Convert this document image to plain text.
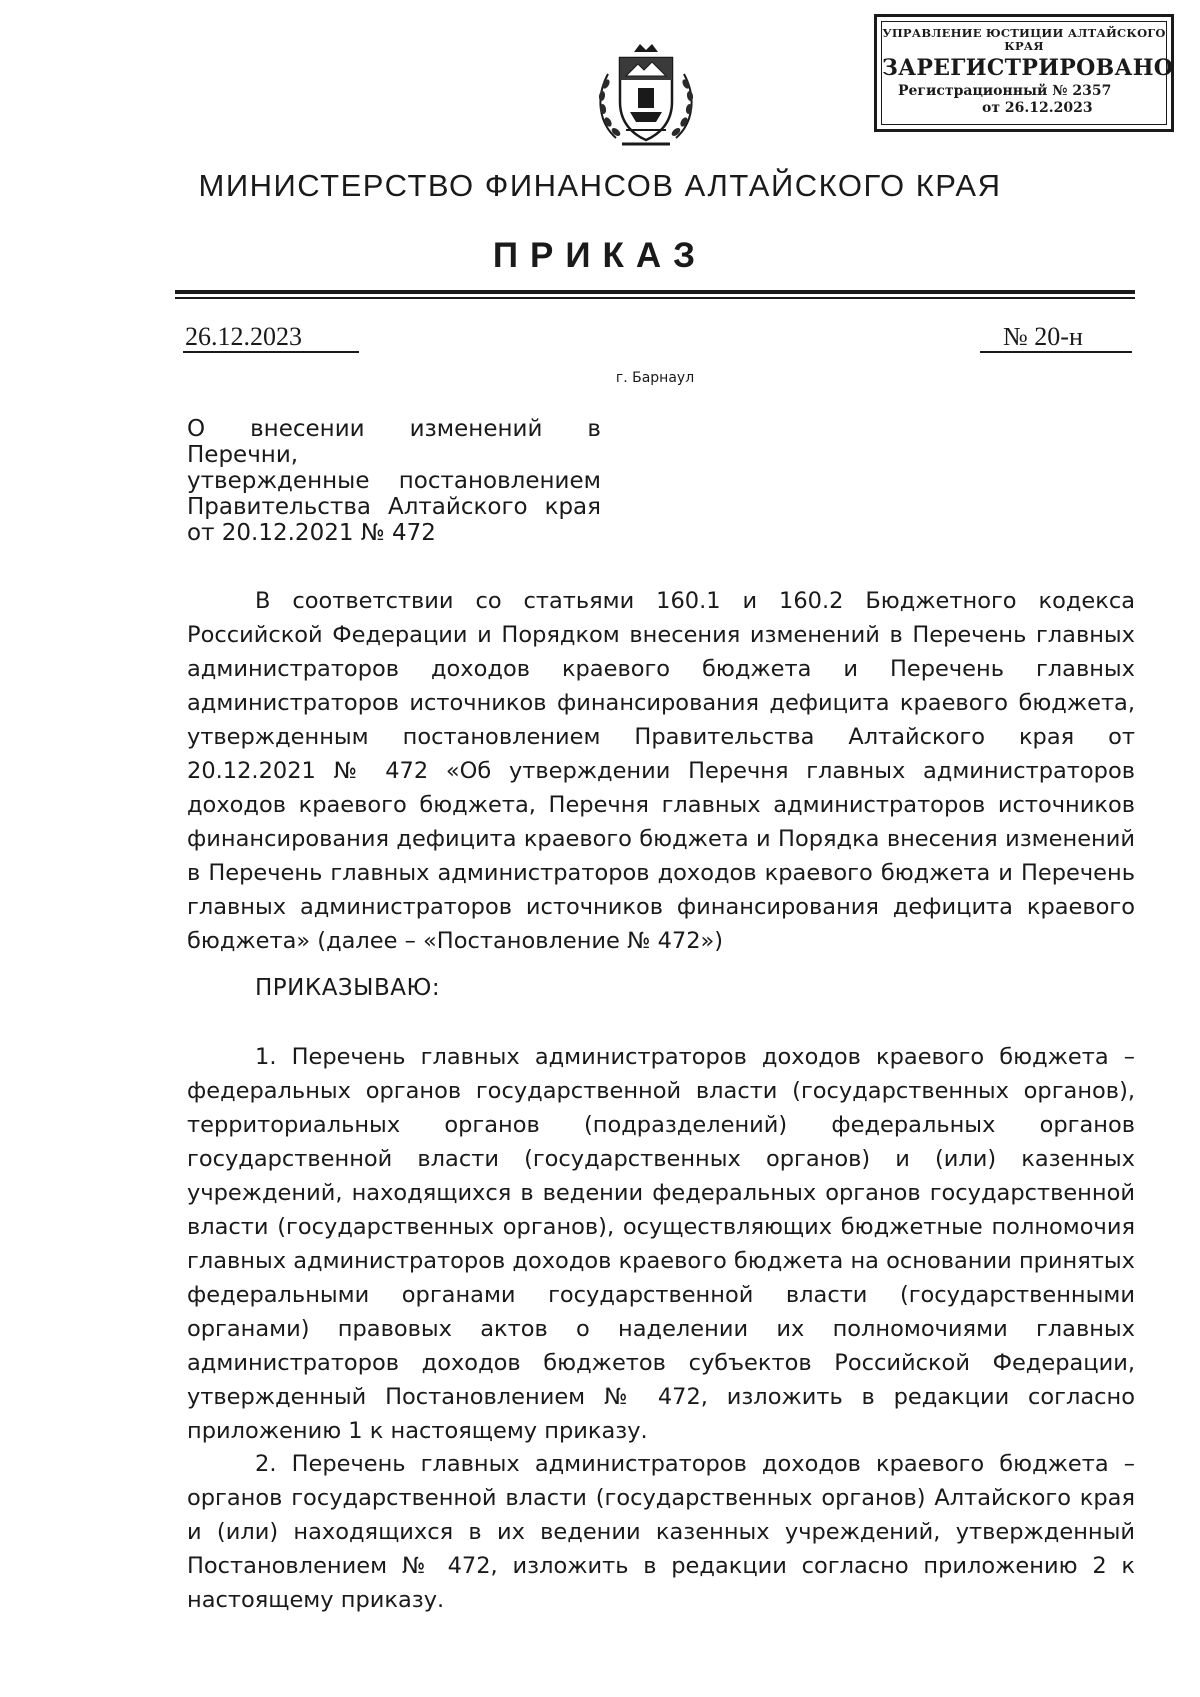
УПРАВЛЕНИЕ ЮСТИЦИИ АЛТАЙСКОГО КРАЯ
ЗАРЕГИСТРИРОВАНО
Регистрационный № 2357
от 26.12.2023
МИНИСТЕРСТВО ФИНАНСОВ АЛТАЙСКОГО КРАЯ
ПРИКАЗ
26.12.2023	№ 20-н
г. Барнаул
О внесении изменений в Перечни,
утвержденные постановлением
Правительства Алтайского края
от 20.12.2021 № 472

В соответствии со статьями 160.1 и 160.2 Бюджетного кодекса Российской Федерации и Порядком внесения изменений в Перечень главных администраторов доходов краевого бюджета и Перечень главных администраторов источников финансирования дефицита краевого бюджета, утвержденным постановлением Правительства Алтайского края от 20.12.2021 № 472 «Об утверждении Перечня главных администраторов доходов краевого бюджета, Перечня главных администраторов источников финансирования дефицита краевого бюджета и Порядка внесения изменений в Перечень главных администраторов доходов краевого бюджета и Перечень главных администраторов источников финансирования дефицита краевого бюджета» (далее – «Постановление № 472»)

ПРИКАЗЫВАЮ:

1. Перечень главных администраторов доходов краевого бюджета – федеральных органов государственной власти (государственных органов), территориальных органов (подразделений) федеральных органов государственной власти (государственных органов) и (или) казенных учреждений, находящихся в ведении федеральных органов государственной власти (государственных органов), осуществляющих бюджетные полномочия главных администраторов доходов краевого бюджета на основании принятых федеральными органами государственной власти (государственными органами) правовых актов о наделении их полномочиями главных администраторов доходов бюджетов субъектов Российской Федерации, утвержденный Постановлением № 472, изложить в редакции согласно приложению 1 к настоящему приказу.

2. Перечень главных администраторов доходов краевого бюджета – органов государственной власти (государственных органов) Алтайского края и (или) находящихся в их ведении казенных учреждений, утвержденный Постановлением № 472, изложить в редакции согласно приложению 2 к настоящему приказу.
